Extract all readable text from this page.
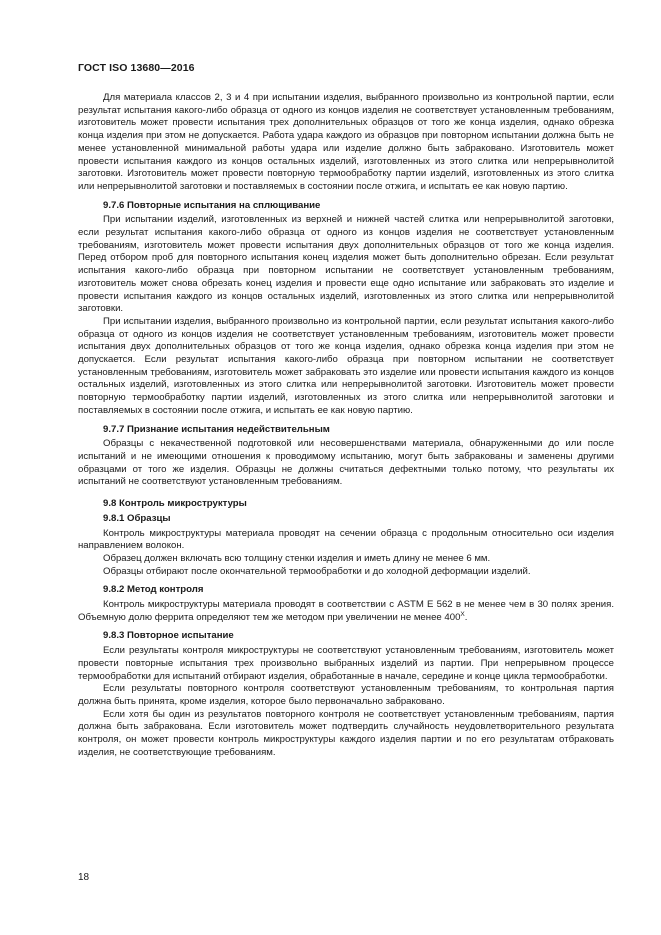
ГОСТ ISO 13680—2016

Для материала классов 2, 3 и 4 при испытании изделия, выбранного произвольно из контрольной партии, если результат испытания какого-либо образца от одного из концов изделия не соответствует установленным требованиям, изготовитель может провести испытания трех дополнительных образцов от того же конца изделия, однако обрезка конца изделия при этом не допускается. Работа удара каждого из образцов при повторном испытании должна быть не менее установленной минимальной работы удара или изделие должно быть забраковано. Изготовитель может провести испытания каждого из концов остальных изделий, изготовленных из этого слитка или непрерывнолитой заготовки. Изготовитель может провести повторную термообработку партии изделий, изготовленных из этого слитка или непрерывнолитой заготовки и поставляемых в состоянии после отжига, и испытать ее как новую партию.

9.7.6 Повторные испытания на сплющивание

При испытании изделий, изготовленных из верхней и нижней частей слитка или непрерывнолитой заготовки, если результат испытания какого-либо образца от одного из концов изделия не соответствует установленным требованиям, изготовитель может провести испытания двух дополнительных образцов от того же конца изделия. Перед отбором проб для повторного испытания конец изделия может быть дополнительно обрезан. Если результат испытания какого-либо образца при повторном испытании не соответствует установленным требованиям, изготовитель может снова обрезать конец изделия и провести еще одно испытание или забраковать это изделие и провести испытания каждого из концов остальных изделий, изготовленных из этого слитка или непрерывнолитой заготовки.

При испытании изделия, выбранного произвольно из контрольной партии, если результат испытания какого-либо образца от одного из концов изделия не соответствует установленным требованиям, изготовитель может провести испытания двух дополнительных образцов от того же конца изделия, однако обрезка конца изделия при этом не допускается. Если результат испытания какого-либо образца при повторном испытании не соответствует установленным требованиям, изготовитель может забраковать это изделие или провести испытания каждого из концов остальных изделий, изготовленных из этого слитка или непрерывнолитой заготовки. Изготовитель может провести повторную термообработку партии изделий, изготовленных из этого слитка или непрерывнолитой заготовки и поставляемых в состоянии после отжига, и испытать ее как новую партию.

9.7.7 Признание испытания недействительным

Образцы с некачественной подготовкой или несовершенствами материала, обнаруженными до или после испытаний и не имеющими отношения к проводимому испытанию, могут быть забракованы и заменены другими образцами от того же изделия. Образцы не должны считаться дефектными только потому, что результаты их испытаний не соответствуют установленным требованиям.

9.8 Контроль микроструктуры
9.8.1 Образцы

Контроль микроструктуры материала проводят на сечении образца с продольным относительно оси изделия направлением волокон.

Образец должен включать всю толщину стенки изделия и иметь длину не менее 6 мм.

Образцы отбирают после окончательной термообработки и до холодной деформации изделий.

9.8.2 Метод контроля

Контроль микроструктуры материала проводят в соответствии с ASTM E 562 в не менее чем в 30 полях зрения. Объемную долю феррита определяют тем же методом при увеличении не менее $400^X$.

9.8.3 Повторное испытание

Если результаты контроля микроструктуры не соответствуют установленным требованиям, изготовитель может провести повторные испытания трех произвольно выбранных изделий из партии. При непрерывном процессе термообработки для испытаний отбирают изделия, обработанные в начале, середине и конце цикла термообработки.

Если результаты повторного контроля соответствуют установленным требованиям, то контрольная партия должна быть принята, кроме изделия, которое было первоначально забраковано.

Если хотя бы один из результатов повторного контроля не соответствует установленным требованиям, партия должна быть забракована. Если изготовитель может подтвердить случайность неудовлетворительного результата контроля, он может провести контроль микроструктуры каждого изделия партии и по его результатам отбраковать изделия, не соответствующие требованиям.

18
